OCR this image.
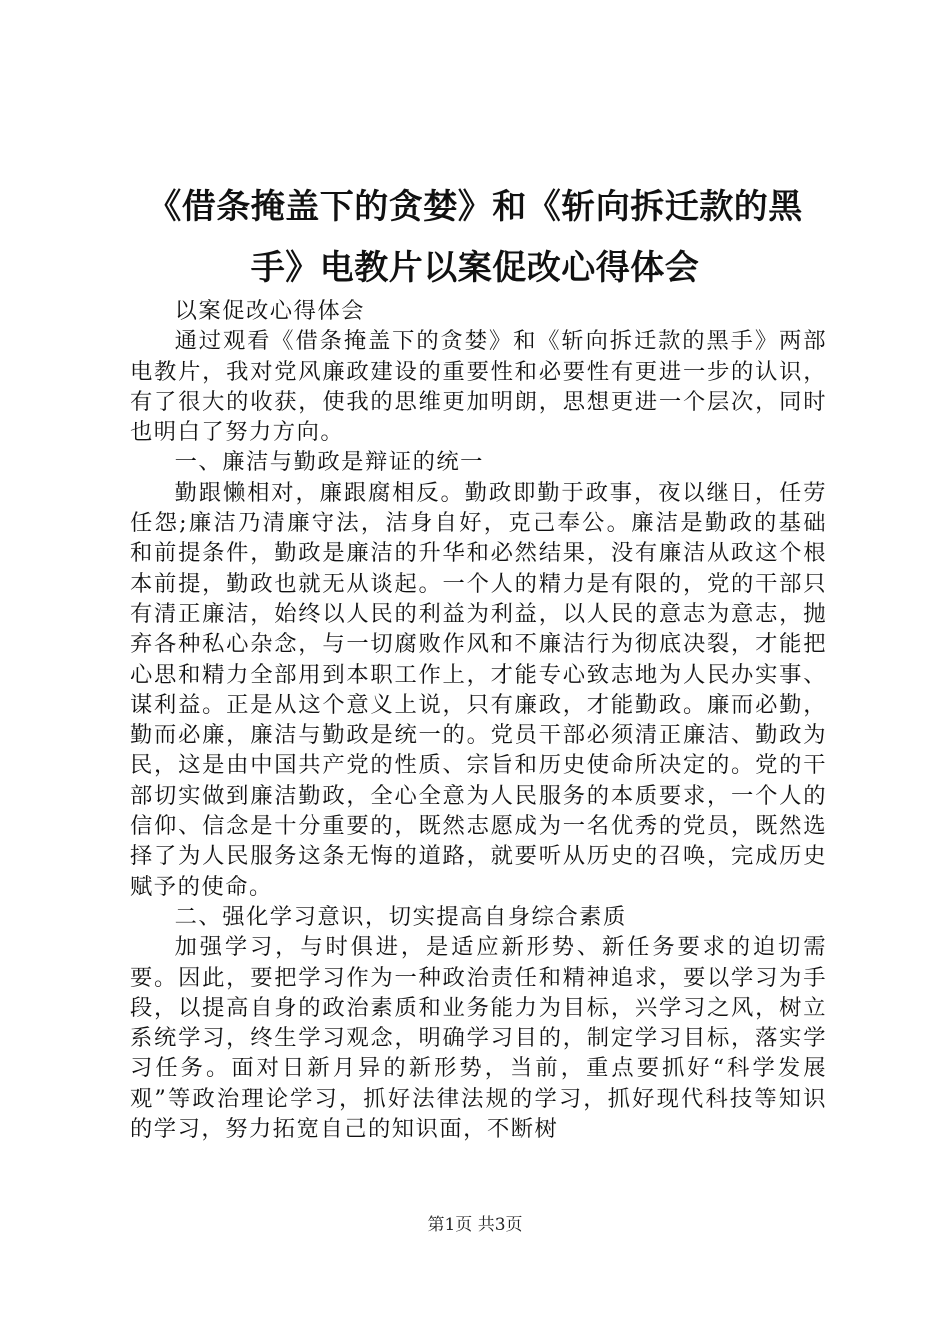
《借条掩盖下的贪婪》和《斩向拆迁款的黑
手》电教片以案促改心得体会

以案促改心得体会

通过观看《借条掩盖下的贪婪》和《斩向拆迁款的黑手》两部电教片，我对党风廉政建设的重要性和必要性有更进一步的认识，有了很大的收获，使我的思维更加明朗，思想更进一个层次，同时也明白了努力方向。

一、廉洁与勤政是辩证的统一

勤跟懒相对，廉跟腐相反。勤政即勤于政事，夜以继日，任劳任怨;廉洁乃清廉守法，洁身自好，克己奉公。廉洁是勤政的基础和前提条件，勤政是廉洁的升华和必然结果，没有廉洁从政这个根本前提，勤政也就无从谈起。一个人的精力是有限的，党的干部只有清正廉洁，始终以人民的利益为利益，以人民的意志为意志，抛弃各种私心杂念，与一切腐败作风和不廉洁行为彻底决裂，才能把心思和精力全部用到本职工作上，才能专心致志地为人民办实事、谋利益。正是从这个意义上说，只有廉政，才能勤政。廉而必勤，勤而必廉，廉洁与勤政是统一的。党员干部必须清正廉洁、勤政为民，这是由中国共产党的性质、宗旨和历史使命所决定的。党的干部切实做到廉洁勤政，全心全意为人民服务的本质要求，一个人的信仰、信念是十分重要的，既然志愿成为一名优秀的党员，既然选择了为人民服务这条无悔的道路，就要听从历史的召唤，完成历史赋予的使命。

二、强化学习意识，切实提高自身综合素质

加强学习，与时俱进，是适应新形势、新任务要求的迫切需要。因此，要把学习作为一种政治责任和精神追求，要以学习为手段，以提高自身的政治素质和业务能力为目标，兴学习之风，树立系统学习，终生学习观念，明确学习目的，制定学习目标，落实学习任务。面对日新月异的新形势，当前，重点要抓好“科学发展观”等政治理论学习，抓好法律法规的学习，抓好现代科技等知识的学习，努力拓宽自己的知识面，不断树

第1页 共3页
